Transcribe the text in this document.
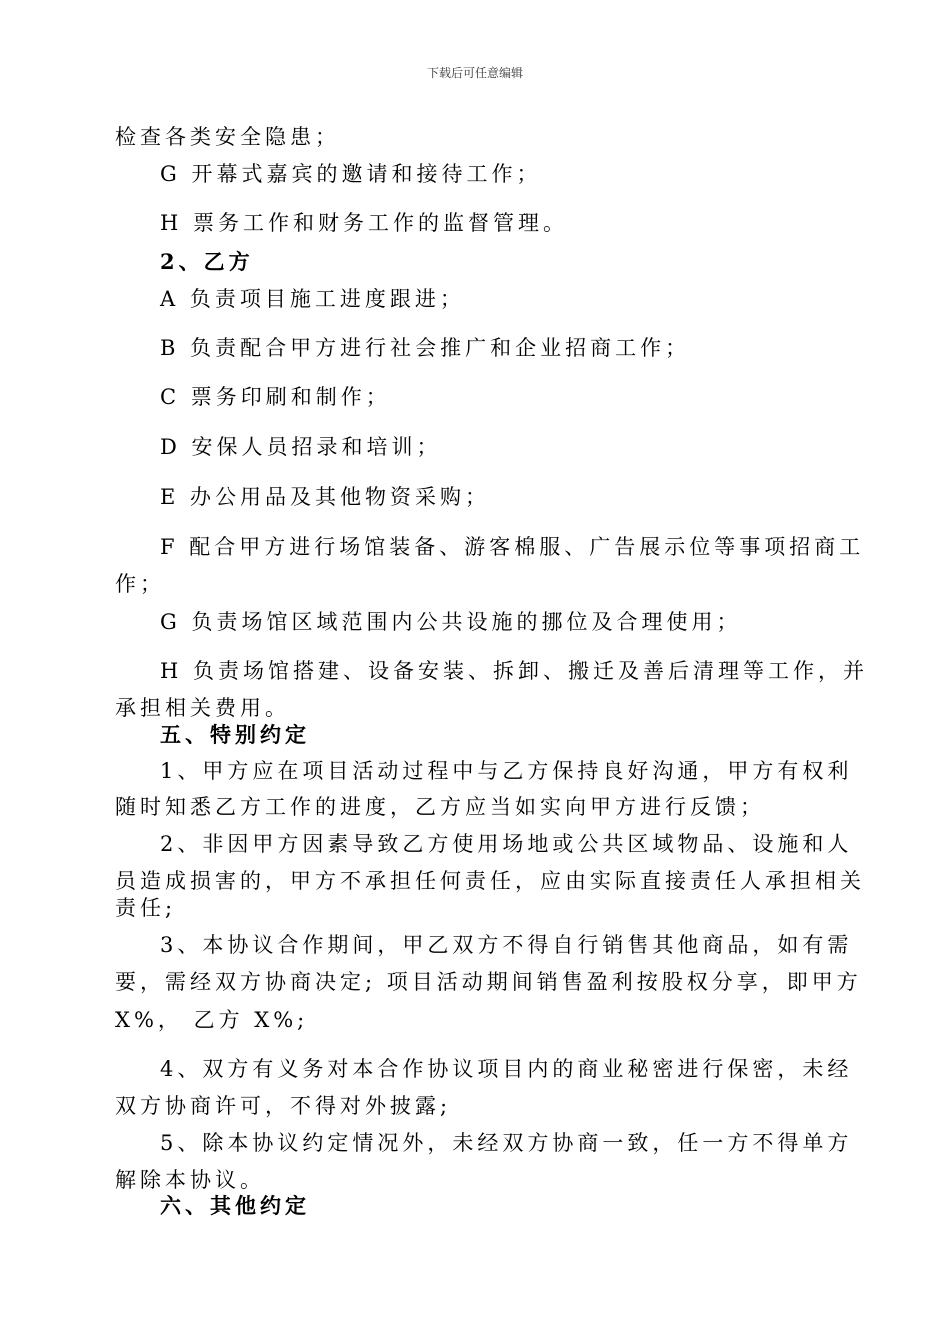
下载后可任意编辑
检查各类安全隐患；
G 开幕式嘉宾的邀请和接待工作；
H 票务工作和财务工作的监督管理。
2、乙方
A 负责项目施工进度跟进；
B 负责配合甲方进行社会推广和企业招商工作；
C 票务印刷和制作；
D 安保人员招录和培训；
E 办公用品及其他物资采购；
F 配合甲方进行场馆装备、游客棉服、广告展示位等事项招商工
作；
G 负责场馆区域范围内公共设施的挪位及合理使用；
H 负责场馆搭建、设备安装、拆卸、搬迁及善后清理等工作，并
承担相关费用。
五、特别约定
1、甲方应在项目活动过程中与乙方保持良好沟通，甲方有权利
随时知悉乙方工作的进度，乙方应当如实向甲方进行反馈；
2、非因甲方因素导致乙方使用场地或公共区域物品、设施和人
员造成损害的，甲方不承担任何责任，应由实际直接责任人承担相关
责任;
3、本协议合作期间，甲乙双方不得自行销售其他商品，如有需
要，需经双方协商决定; 项目活动期间销售盈利按股权分享，即甲方
X%， 乙方 X%;
4、双方有义务对本合作协议项目内的商业秘密进行保密，未经
双方协商许可，不得对外披露;
5、除本协议约定情况外，未经双方协商一致，任一方不得单方
解除本协议。
六、其他约定
